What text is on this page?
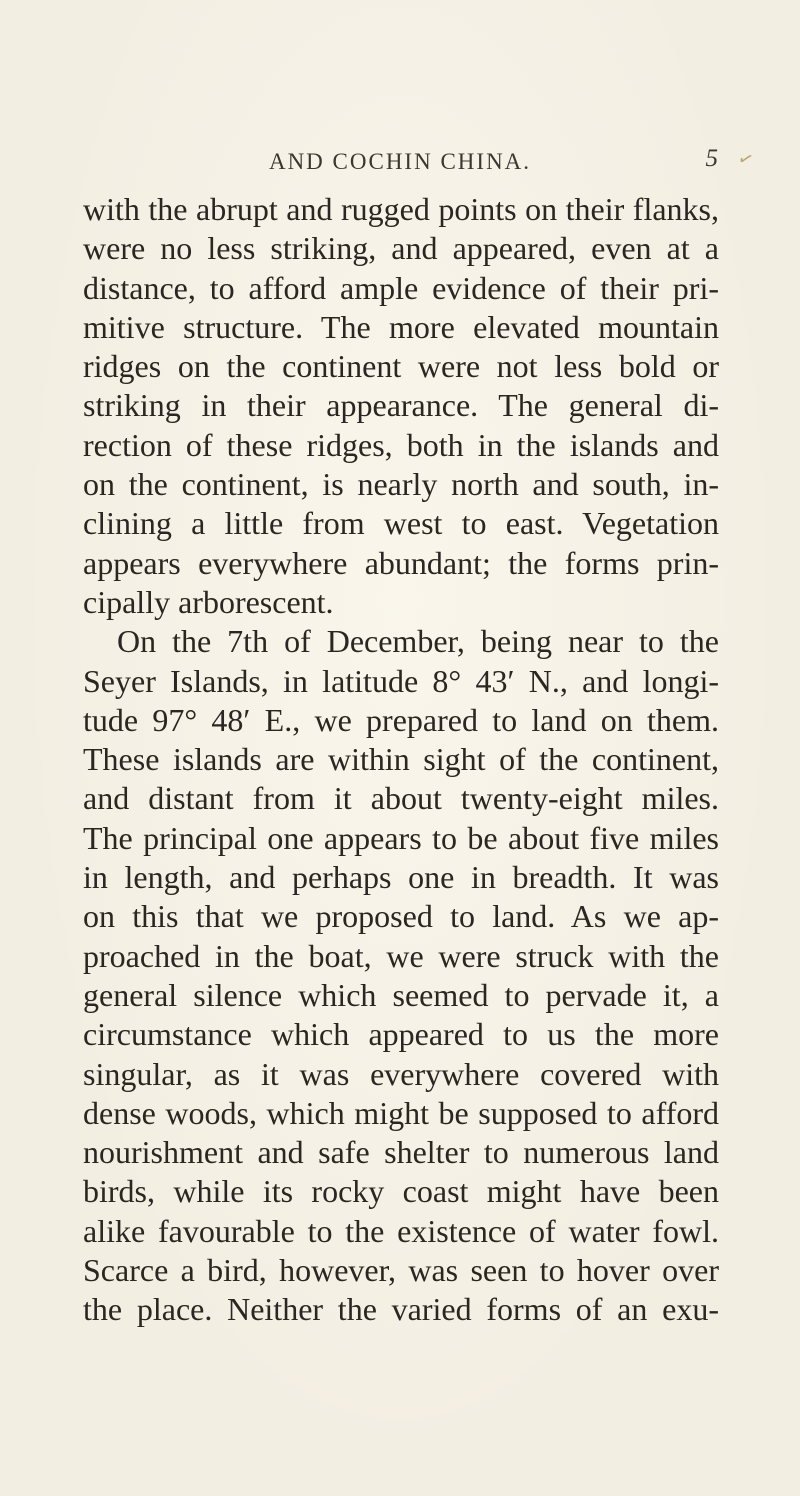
AND COCHIN CHINA.	5 ✓
with the abrupt and rugged points on their flanks,
were no less striking, and appeared, even at a
distance, to afford ample evidence of their pri-
mitive structure. The more elevated mountain
ridges on the continent were not less bold or
striking in their appearance. The general di-
rection of these ridges, both in the islands and
on the continent, is nearly north and south, in-
clining a little from west to east. Vegetation
appears everywhere abundant; the forms prin-
cipally arborescent.
On the 7th of December, being near to the
Seyer Islands, in latitude 8° 43′ N., and longi-
tude 97° 48′ E., we prepared to land on them.
These islands are within sight of the continent,
and distant from it about twenty-eight miles.
The principal one appears to be about five miles
in length, and perhaps one in breadth. It was
on this that we proposed to land. As we ap-
proached in the boat, we were struck with the
general silence which seemed to pervade it, a
circumstance which appeared to us the more
singular, as it was everywhere covered with
dense woods, which might be supposed to afford
nourishment and safe shelter to numerous land
birds, while its rocky coast might have been
alike favourable to the existence of water fowl.
Scarce a bird, however, was seen to hover over
the place. Neither the varied forms of an exu-
